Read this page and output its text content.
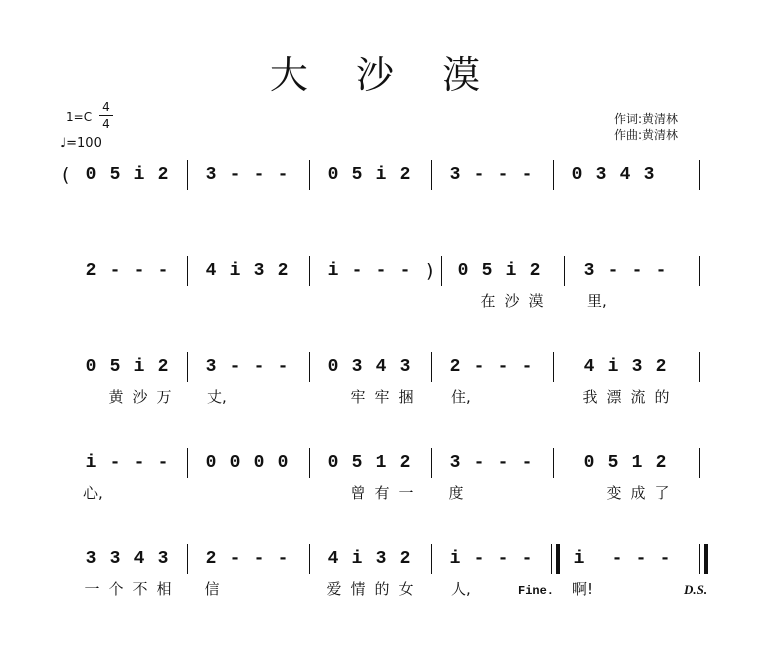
大 沙 漠
1=C
4
4
♩=100
作词:黄清林
作曲:黄清林
( 0 5 i 2 3 - - - 0 5 i 2 3 - - - 0 3 4 3
2 - - - 4 i 3 2 i - - - ) 0 5 i 2 3 - - -
在 沙 漠	里,
0 5 i 2 3 - - - 0 3 4 3 2 - - -	4 i 3 2
黄 沙 万 丈,	牢 牢 捆	住,	我 漂 流 的
i - - - 0 0 0 0 0 5 1 2 3 - - -	0 5 1 2
心,	曾 有 一 度	变 成 了
3 3 4 3 2 - - - 4 i 3 2 i - - - i - - -
一 个 不 相 信	爱 情 的 女	人,	Fine. 啊!	D.S.
